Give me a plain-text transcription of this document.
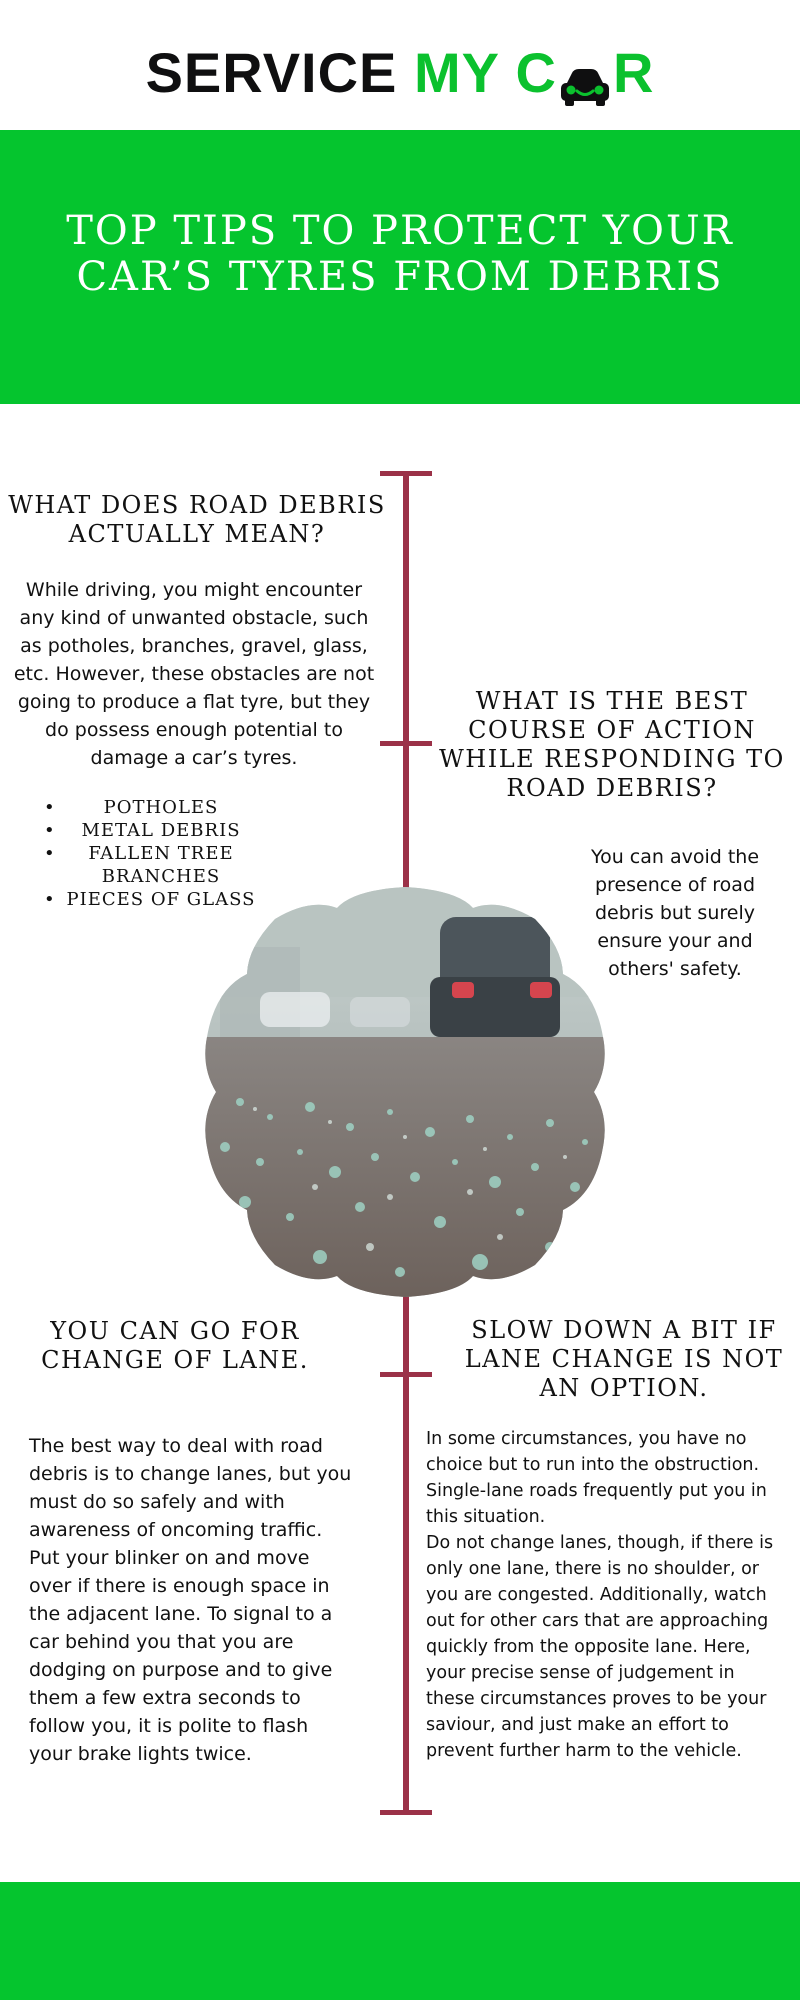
SERVICE MY C R
TOP TIPS TO PROTECT YOUR
CAR’S TYRES FROM DEBRIS
WHAT DOES ROAD DEBRIS
ACTUALLY MEAN?
While driving, you might encounter
any kind of unwanted obstacle, such
as potholes, branches, gravel, glass,
etc. However, these obstacles are not
going to produce a flat tyre, but they
do possess enough potential to
damage a car’s tyres.
• POTHOLES
• METAL DEBRIS
• FALLEN TREE BRANCHES
• PIECES OF GLASS
WHAT IS THE BEST
COURSE OF ACTION
WHILE RESPONDING TO
ROAD DEBRIS?
You can avoid the
presence of road
debris but surely
ensure your and
others' safety.
YOU CAN GO FOR
CHANGE OF LANE.
The best way to deal with road
debris is to change lanes, but you
must do so safely and with
awareness of oncoming traffic.
Put your blinker on and move
over if there is enough space in
the adjacent lane. To signal to a
car behind you that you are
dodging on purpose and to give
them a few extra seconds to
follow you, it is polite to flash
your brake lights twice.
SLOW DOWN A BIT IF
LANE CHANGE IS NOT
AN OPTION.
In some circumstances, you have no
choice but to run into the obstruction.
Single-lane roads frequently put you in
this situation.
Do not change lanes, though, if there is
only one lane, there is no shoulder, or
you are congested. Additionally, watch
out for other cars that are approaching
quickly from the opposite lane. Here,
your precise sense of judgement in
these circumstances proves to be your
saviour, and just make an effort to
prevent further harm to the vehicle.
